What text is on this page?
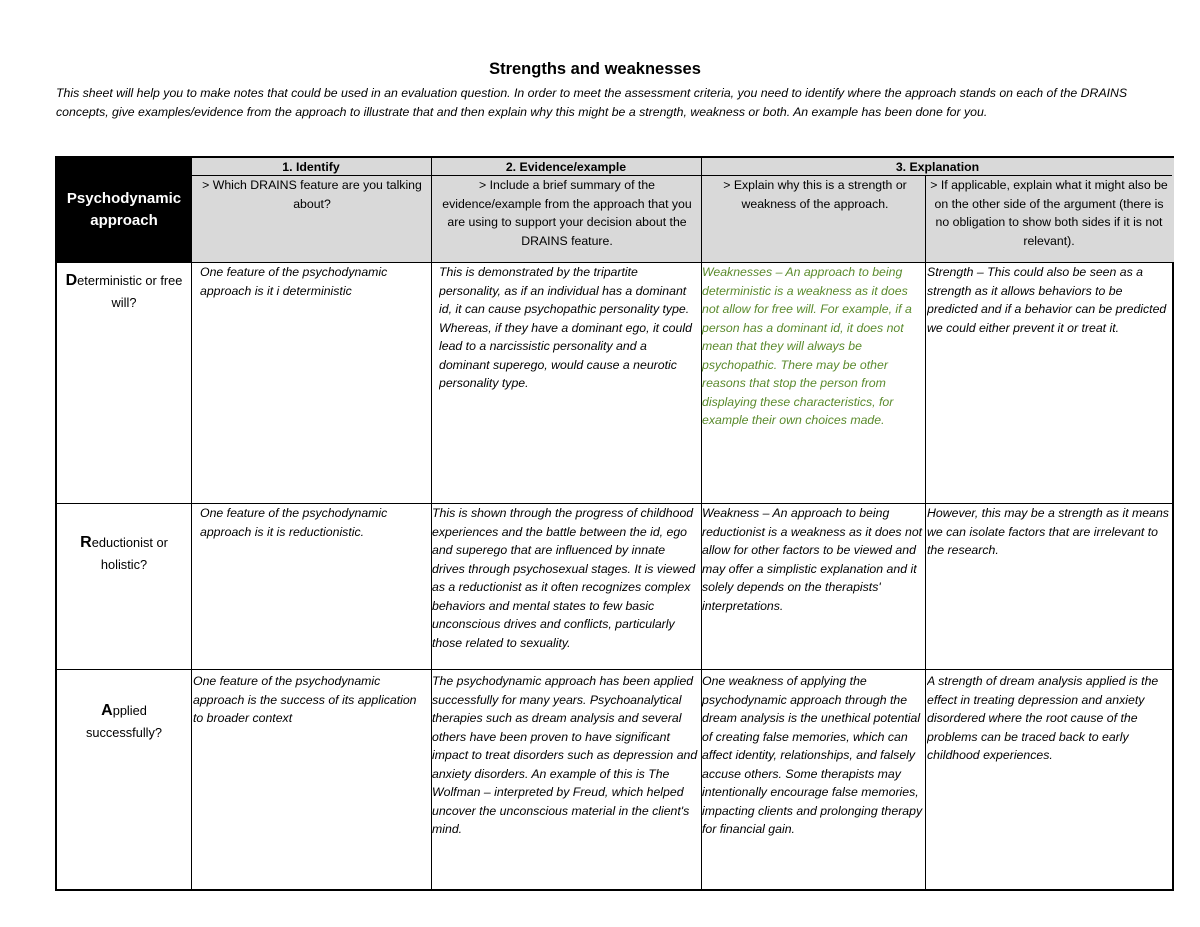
Strengths and weaknesses
This sheet will help you to make notes that could be used in an evaluation question. In order to meet the assessment criteria, you need to identify where the approach stands on each of the DRAINS concepts, give examples/evidence from the approach to illustrate that and then explain why this might be a strength, weakness or both. An example has been done for you.
Psychodynamic approach
1. Identify	2. Evidence/example	3. Explanation
> Which DRAINS feature are you talking about?
> Include a brief summary of the evidence/example from the approach that you are using to support your decision about the DRAINS feature.
> Explain why this is a strength or weakness of the approach.
> If applicable, explain what it might also be on the other side of the argument (there is no obligation to show both sides if it is not relevant).
Deterministic or free will?
One feature of the psychodynamic approach is it i deterministic
This is demonstrated by the tripartite personality, as if an individual has a dominant id, it can cause psychopathic personality type. Whereas, if they have a dominant ego, it could lead to a narcissistic personality and a dominant superego, would cause a neurotic personality type.
Weaknesses – An approach to being deterministic is a weakness as it does not allow for free will. For example, if a person has a dominant id, it does not mean that they will always be psychopathic. There may be other reasons that stop the person from displaying these characteristics, for example their own choices made.
Strength – This could also be seen as a strength as it allows behaviors to be predicted and if a behavior can be predicted we could either prevent it or treat it.
Reductionist or holistic?
One feature of the psychodynamic approach is it is reductionistic.
This is shown through the progress of childhood experiences and the battle between the id, ego and superego that are influenced by innate drives through psychosexual stages. It is viewed as a reductionist as it often recognizes complex behaviors and mental states to few basic unconscious drives and conflicts, particularly those related to sexuality.
Weakness – An approach to being reductionist is a weakness as it does not allow for other factors to be viewed and may offer a simplistic explanation and it solely depends on the therapists' interpretations.
However, this may be a strength as it means we can isolate factors that are irrelevant to the research.
Applied successfully?
One feature of the psychodynamic approach is the success of its application to broader context
The psychodynamic approach has been applied successfully for many years. Psychoanalytical therapies such as dream analysis and several others have been proven to have significant impact to treat disorders such as depression and anxiety disorders. An example of this is The Wolfman – interpreted by Freud, which helped uncover the unconscious material in the client's mind.
One weakness of applying the psychodynamic approach through the dream analysis is the unethical potential of creating false memories, which can affect identity, relationships, and falsely accuse others. Some therapists may intentionally encourage false memories, impacting clients and prolonging therapy for financial gain.
A strength of dream analysis applied is the effect in treating depression and anxiety disordered where the root cause of the problems can be traced back to early childhood experiences.
